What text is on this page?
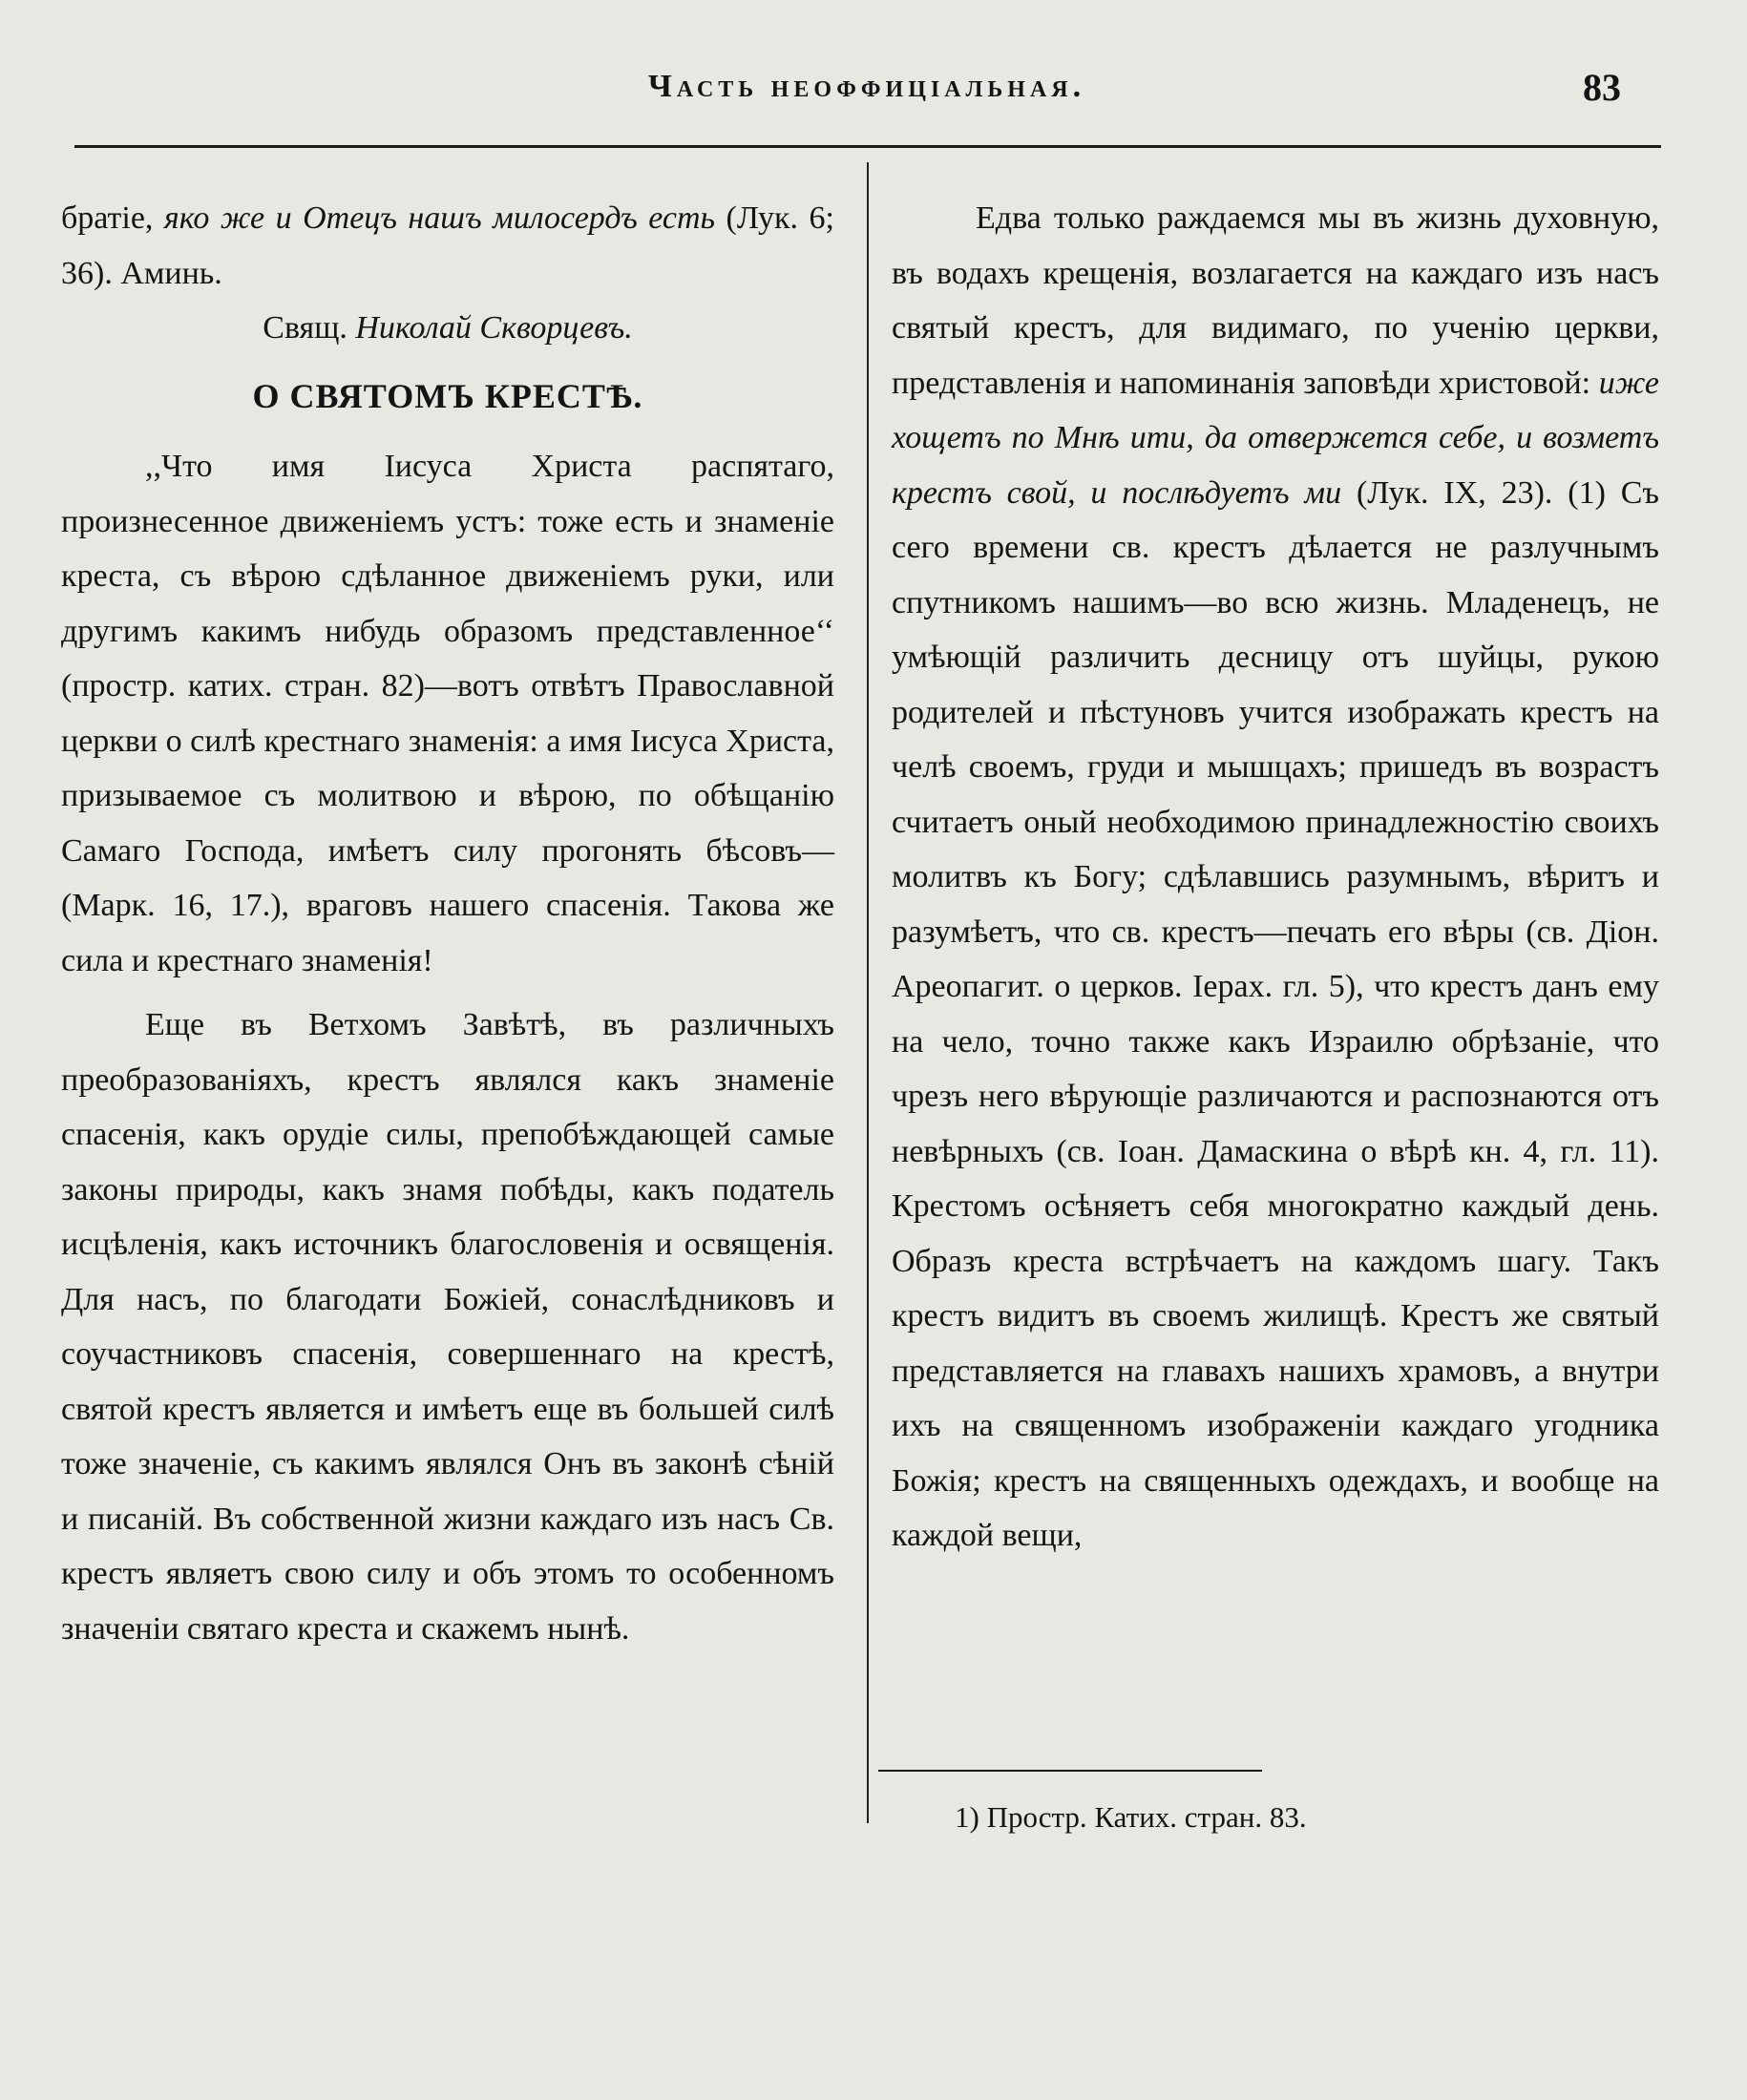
Часть неоффиціальная.	83

братіе, яко же и Отецъ нашъ милосердъ есть (Лук. 6; 36). Аминь.

Свящ. Николай Скворцевъ.

О СВЯТОМЪ КРЕСТѢ.

,,Что имя Іисуса Христа распятаго, произнесенное движеніемъ устъ: тоже есть и знаменіе креста, съ вѣрою сдѣланное движеніемъ руки, или другимъ какимъ нибудь образомъ представленное‘‘ (простр. катих. стран. 82)—вотъ отвѣтъ Православной церкви о силѣ крестнаго знаменія: а имя Іисуса Христа, призываемое съ молитвою и вѣрою, по обѣщанію Самаго Господа, имѣетъ силу прогонять бѣсовъ—(Марк. 16, 17.), враговъ нашего спасенія. Такова же сила и крестнаго знаменія!

Еще въ Ветхомъ Завѣтѣ, въ различныхъ преобразованіяхъ, крестъ являлся какъ знаменіе спасенія, какъ орудіе силы, препобѣждающей самые законы природы, какъ знамя побѣды, какъ податель исцѣленія, какъ источникъ благословенія и освященія. Для насъ, по благодати Божіей, сонаслѣдниковъ и соучастниковъ спасенія, совершеннаго на крестѣ, святой крестъ является и имѣетъ еще въ большей силѣ тоже значеніе, съ какимъ являлся Онъ въ законѣ сѣній и писаній. Въ собственной жизни каждаго изъ насъ Св. крестъ являетъ свою силу и объ этомъ то особенномъ значеніи святаго креста и скажемъ нынѣ.

Едва только раждаемся мы въ жизнь духовную, въ водахъ крещенія, возлагается на каждаго изъ насъ святый крестъ, для видимаго, по ученію церкви, представленія и напоминанія заповѣди христовой: иже хощетъ по Мнѣ ити, да отвержется себе, и возметъ крестъ свой, и послѣдуетъ ми (Лук. IX, 23). (1) Съ сего времени св. крестъ дѣлается не разлучнымъ спутникомъ нашимъ—во всю жизнь. Младенецъ, не умѣющій различить десницу отъ шуйцы, рукою родителей и пѣстуновъ учится изображать крестъ на челѣ своемъ, груди и мышцахъ; пришедъ въ возрастъ считаетъ оный необходимою принадлежностію своихъ молитвъ къ Богу; сдѣлавшись разумнымъ, вѣритъ и разумѣетъ, что св. крестъ—печать его вѣры (св. Діон. Ареопагит. о церков. Іерах. гл. 5), что крестъ данъ ему на чело, точно также какъ Израилю обрѣзаніе, что чрезъ него вѣрующіе различаются и распознаются отъ невѣрныхъ (св. Іоан. Дамаскина о вѣрѣ кн. 4, гл. 11). Крестомъ осѣняетъ себя многократно каждый день. Образъ креста встрѣчаетъ на каждомъ шагу. Такъ крестъ видитъ въ своемъ жилищѣ. Крестъ же святый представляется на главахъ нашихъ храмовъ, а внутри ихъ на священномъ изображеніи каждаго угодника Божія; крестъ на священныхъ одеждахъ, и вообще на каждой вещи,

1) Простр. Катих. стран. 83.
